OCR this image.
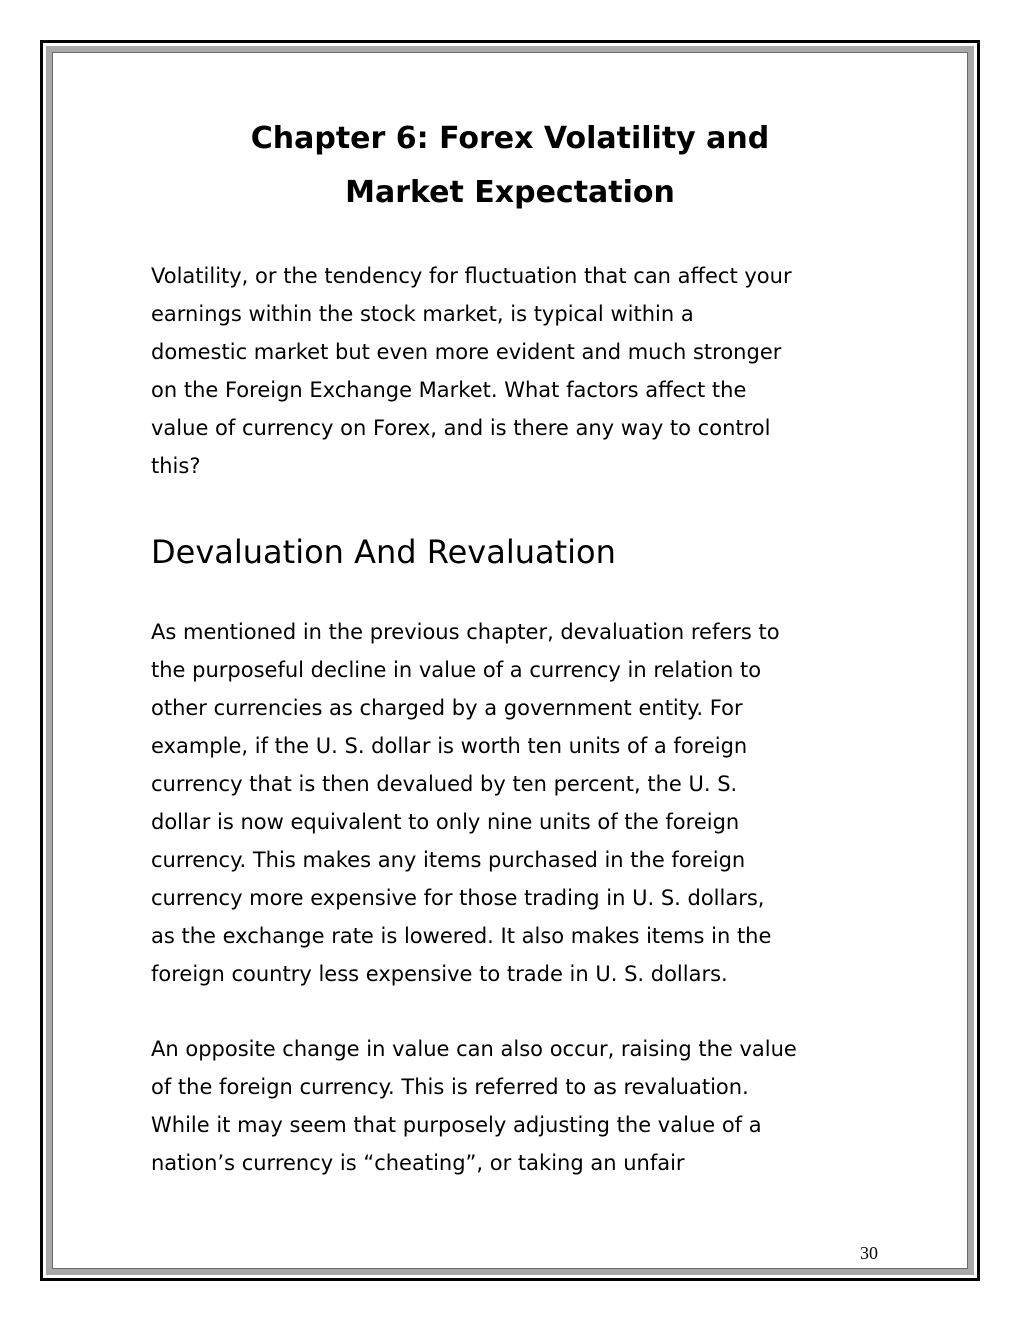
Chapter 6: Forex Volatility and
Market Expectation

Volatility, or the tendency for fluctuation that can affect your
earnings within the stock market, is typical within a
domestic market but even more evident and much stronger
on the Foreign Exchange Market. What factors affect the
value of currency on Forex, and is there any way to control
this?

Devaluation And Revaluation

As mentioned in the previous chapter, devaluation refers to
the purposeful decline in value of a currency in relation to
other currencies as charged by a government entity. For
example, if the U. S. dollar is worth ten units of a foreign
currency that is then devalued by ten percent, the U. S.
dollar is now equivalent to only nine units of the foreign
currency. This makes any items purchased in the foreign
currency more expensive for those trading in U. S. dollars,
as the exchange rate is lowered. It also makes items in the
foreign country less expensive to trade in U. S. dollars.

An opposite change in value can also occur, raising the value
of the foreign currency. This is referred to as revaluation.
While it may seem that purposely adjusting the value of a
nation’s currency is “cheating”, or taking an unfair

30
